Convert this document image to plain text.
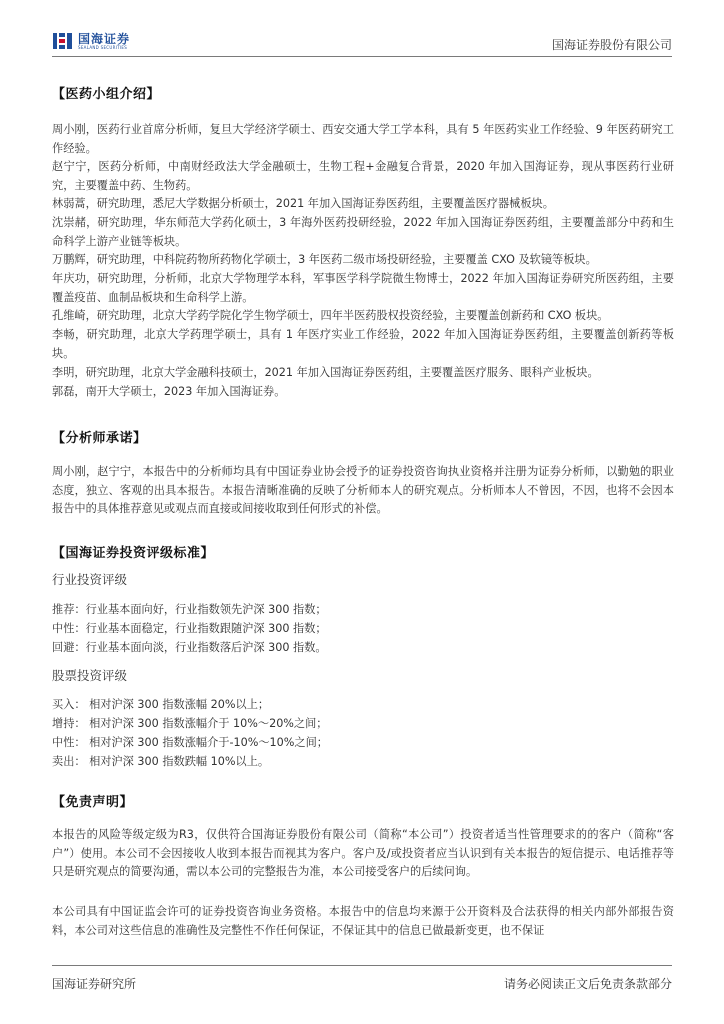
国海证券
SEALAND SECURITIES	国海证券股份有限公司
【医药小组介绍】
周小刚，医药行业首席分析师，复旦大学经济学硕士、西安交通大学工学本科，具有 5 年医药实业工作经验、9 年医药研究工作经验。
赵宁宁，医药分析师，中南财经政法大学金融硕士，生物工程+金融复合背景，2020 年加入国海证券，现从事医药行业研究，主要覆盖中药、生物药。
林弱蒿，研究助理，悉尼大学数据分析硕士，2021 年加入国海证券医药组，主要覆盖医疗器械板块。
沈崇赭，研究助理，华东师范大学药化硕士，3 年海外医药投研经验，2022 年加入国海证券医药组，主要覆盖部分中药和生命科学上游产业链等板块。
万鹏辉，研究助理，中科院药物所药物化学硕士，3 年医药二级市场投研经验，主要覆盖 CXO 及软镜等板块。
年庆功，研究助理，分析师，北京大学物理学本科，军事医学科学院微生物博士，2022 年加入国海证券研究所医药组，主要覆盖疫苗、血制品板块和生命科学上游。
孔维崎，研究助理，北京大学药学院化学生物学硕士，四年半医药股权投资经验，主要覆盖创新药和 CXO 板块。
李畅，研究助理，北京大学药理学硕士，具有 1 年医疗实业工作经验，2022 年加入国海证券医药组，主要覆盖创新药等板块。
李明，研究助理，北京大学金融科技硕士，2021 年加入国海证券医药组，主要覆盖医疗服务、眼科产业板块。
郭磊，南开大学硕士，2023 年加入国海证券。
【分析师承诺】
周小刚，赵宁宁，本报告中的分析师均具有中国证券业协会授予的证券投资咨询执业资格并注册为证券分析师，以勤勉的职业态度，独立、客观的出具本报告。本报告清晰准确的反映了分析师本人的研究观点。分析师本人不曾因，不因，也将不会因本报告中的具体推荐意见或观点而直接或间接收取到任何形式的补偿。
【国海证券投资评级标准】
行业投资评级
推荐：行业基本面向好，行业指数领先沪深 300 指数；
中性：行业基本面稳定，行业指数跟随沪深 300 指数；
回避：行业基本面向淡，行业指数落后沪深 300 指数。
股票投资评级
买入： 相对沪深 300 指数涨幅 20%以上；
增持： 相对沪深 300 指数涨幅介于 10%～20%之间；
中性： 相对沪深 300 指数涨幅介于-10%～10%之间；
卖出： 相对沪深 300 指数跌幅 10%以上。
【免责声明】
本报告的风险等级定级为R3，仅供符合国海证券股份有限公司（简称“本公司”）投资者适当性管理要求的的客户（简称“客户”）使用。本公司不会因接收人收到本报告而视其为客户。客户及/或投资者应当认识到有关本报告的短信提示、电话推荐等只是研究观点的简要沟通，需以本公司的完整报告为准，本公司接受客户的后续问询。
本公司具有中国证监会许可的证券投资咨询业务资格。本报告中的信息均来源于公开资料及合法获得的相关内部外部报告资料，本公司对这些信息的准确性及完整性不作任何保证，不保证其中的信息已做最新变更，也不保证
国海证券研究所	请务必阅读正文后免责条款部分
